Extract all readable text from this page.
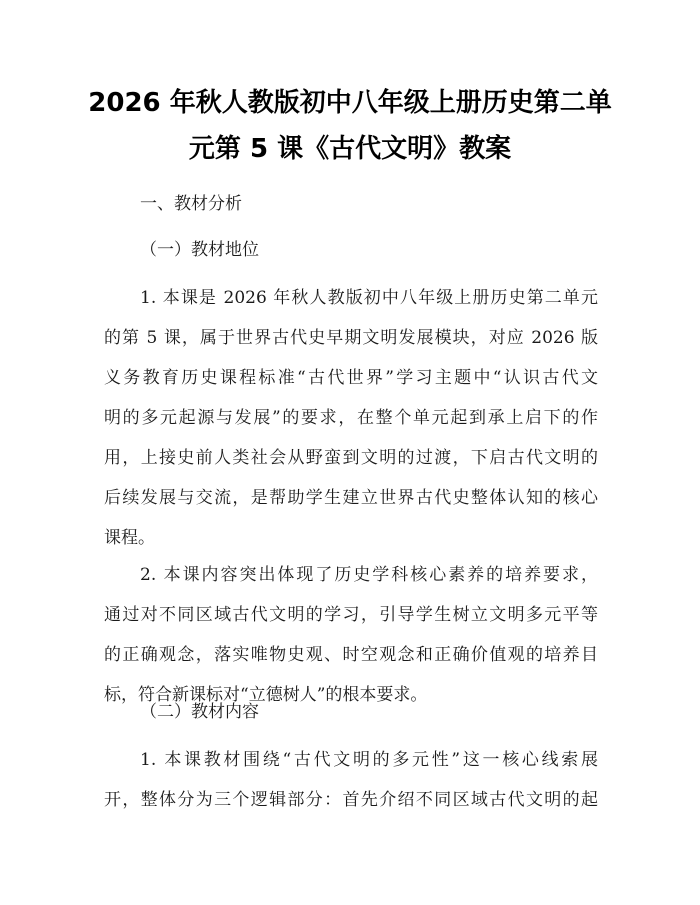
2026 年秋人教版初中八年级上册历史第二单
元第 5 课《古代文明》教案
一、教材分析
（一）教材地位
1. 本课是 2026 年秋人教版初中八年级上册历史第二单元
的第 5 课，属于世界古代史早期文明发展模块，对应 2026 版
义务教育历史课程标准“古代世界”学习主题中“认识古代文
明的多元起源与发展”的要求，在整个单元起到承上启下的作
用，上接史前人类社会从野蛮到文明的过渡，下启古代文明的
后续发展与交流，是帮助学生建立世界古代史整体认知的核心
课程。
2. 本课内容突出体现了历史学科核心素养的培养要求，
通过对不同区域古代文明的学习，引导学生树立文明多元平等
的正确观念，落实唯物史观、时空观念和正确价值观的培养目
标，符合新课标对“立德树人”的根本要求。
（二）教材内容
1. 本课教材围绕“古代文明的多元性”这一核心线索展
开，整体分为三个逻辑部分：首先介绍不同区域古代文明的起
